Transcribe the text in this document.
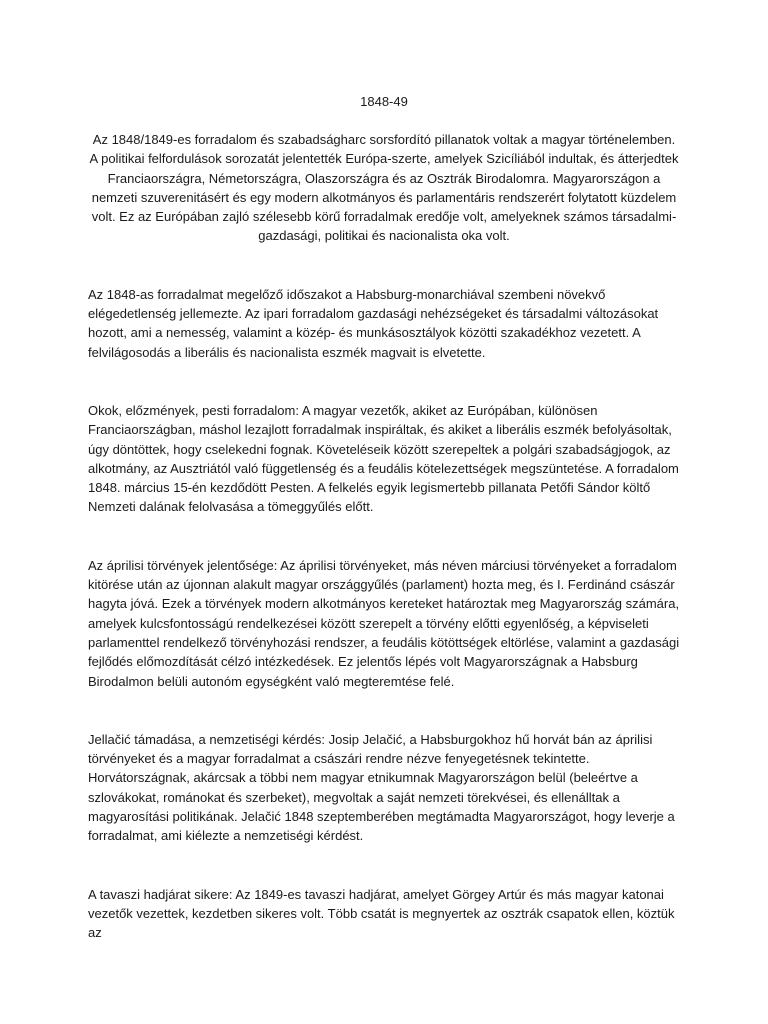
1848-49

Az 1848/1849-es forradalom és szabadságharc sorsfordító pillanatok voltak a magyar történelemben. A politikai felfordulások sorozatát jelentették Európa-szerte, amelyek Szicíliából indultak, és átterjedtek Franciaországra, Németországra, Olaszországra és az Osztrák Birodalomra. Magyarországon a nemzeti szuverenitásért és egy modern alkotmányos és parlamentáris rendszerért folytatott küzdelem volt. Ez az Európában zajló szélesebb körű forradalmak eredője volt, amelyeknek számos társadalmi-gazdasági, politikai és nacionalista oka volt.

Az 1848-as forradalmat megelőző időszakot a Habsburg-monarchiával szembeni növekvő elégedetlenség jellemezte. Az ipari forradalom gazdasági nehézségeket és társadalmi változásokat hozott, ami a nemesség, valamint a közép- és munkásosztályok közötti szakadékhoz vezetett. A felvilágosodás a liberális és nacionalista eszmék magvait is elvetette.

Okok, előzmények, pesti forradalom: A magyar vezetők, akiket az Európában, különösen Franciaországban, máshol lezajlott forradalmak inspiráltak, és akiket a liberális eszmék befolyásoltak, úgy döntöttek, hogy cselekedni fognak. Követeléseik között szerepeltek a polgári szabadságjogok, az alkotmány, az Ausztriától való függetlenség és a feudális kötelezettségek megszüntetése. A forradalom 1848. március 15-én kezdődött Pesten. A felkelés egyik legismertebb pillanata Petőfi Sándor költő Nemzeti dalának felolvasása a tömeggyűlés előtt.

Az áprilisi törvények jelentősége: Az áprilisi törvényeket, más néven márciusi törvényeket a forradalom kitörése után az újonnan alakult magyar országgyűlés (parlament) hozta meg, és I. Ferdinánd császár hagyta jóvá. Ezek a törvények modern alkotmányos kereteket határoztak meg Magyarország számára, amelyek kulcsfontosságú rendelkezései között szerepelt a törvény előtti egyenlőség, a képviseleti parlamenttel rendelkező törvényhozási rendszer, a feudális kötöttségek eltörlése, valamint a gazdasági fejlődés előmozdítását célzó intézkedések. Ez jelentős lépés volt Magyarországnak a Habsburg Birodalmon belüli autonóm egységként való megteremtése felé.

Jellačić támadása, a nemzetiségi kérdés: Josip Jelačić, a Habsburgokhoz hű horvát bán az áprilisi törvényeket és a magyar forradalmat a császári rendre nézve fenyegetésnek tekintette. Horvátországnak, akárcsak a többi nem magyar etnikumnak Magyarországon belül (beleértve a szlovákokat, románokat és szerbeket), megvoltak a saját nemzeti törekvései, és ellenálltak a magyarosítási politikának. Jelačić 1848 szeptemberében megtámadta Magyarországot, hogy leverje a forradalmat, ami kiélezte a nemzetiségi kérdést.

A tavaszi hadjárat sikere: Az 1849-es tavaszi hadjárat, amelyet Görgey Artúr és más magyar katonai vezetők vezettek, kezdetben sikeres volt. Több csatát is megnyertek az osztrák csapatok ellen, köztük az
